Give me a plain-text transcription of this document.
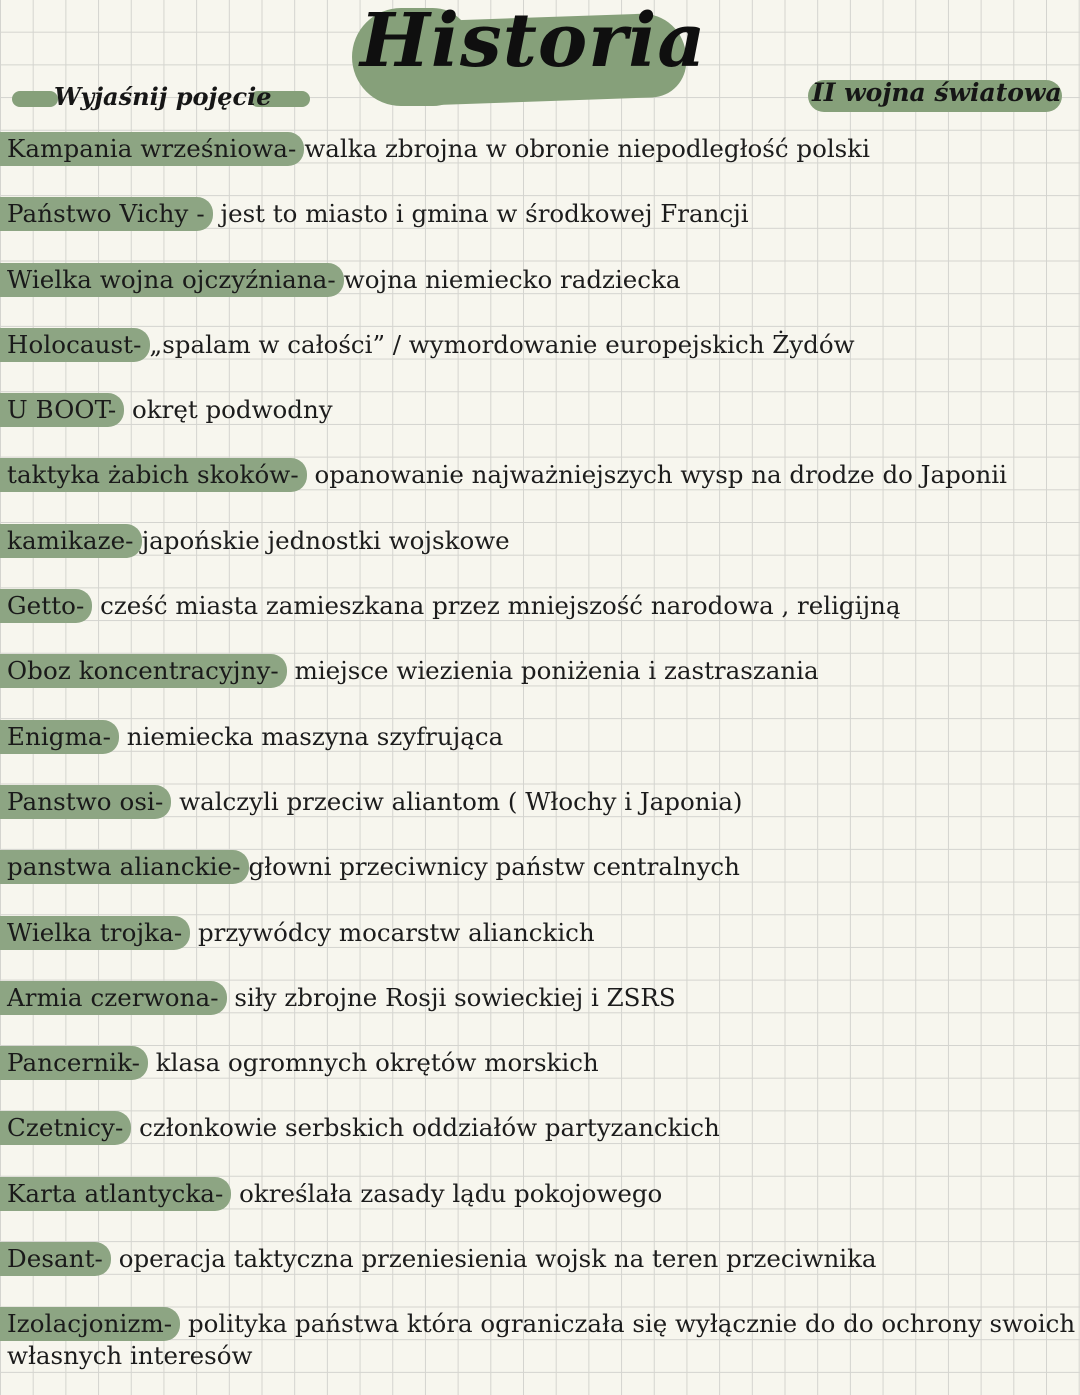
Historia
Wyjaśnij pojęcie	II wojna światowa
Kampania wrześniowa- walka zbrojna w obronie niepodległość polski
Państwo Vichy - jest to miasto i gmina w środkowej Francji
Wielka wojna ojczyźniana- wojna niemiecko radziecka
Holocaust- „spalam w całości” / wymordowanie europejskich Żydów
U BOOT- okręt podwodny
taktyka żabich skoków- opanowanie najważniejszych wysp na drodze do Japonii
kamikaze- japońskie jednostki wojskowe
Getto- cześć miasta zamieszkana przez mniejszość narodowa , religijną
Oboz koncentracyjny- miejsce wiezienia poniżenia i zastraszania
Enigma- niemiecka maszyna szyfrująca
Panstwo osi- walczyli przeciw aliantom ( Włochy i Japonia)
panstwa alianckie- głowni przeciwnicy państw centralnych
Wielka trojka- przywódcy mocarstw alianckich
Armia czerwona- siły zbrojne Rosji sowieckiej i ZSRS
Pancernik- klasa ogromnych okrętów morskich
Czetnicy- członkowie serbskich oddziałów partyzanckich
Karta atlantycka- określała zasady lądu pokojowego
Desant- operacja taktyczna przeniesienia wojsk na teren przeciwnika
Izolacjonizm- polityka państwa która ograniczała się wyłącznie do do ochrony swoich
własnych interesów
